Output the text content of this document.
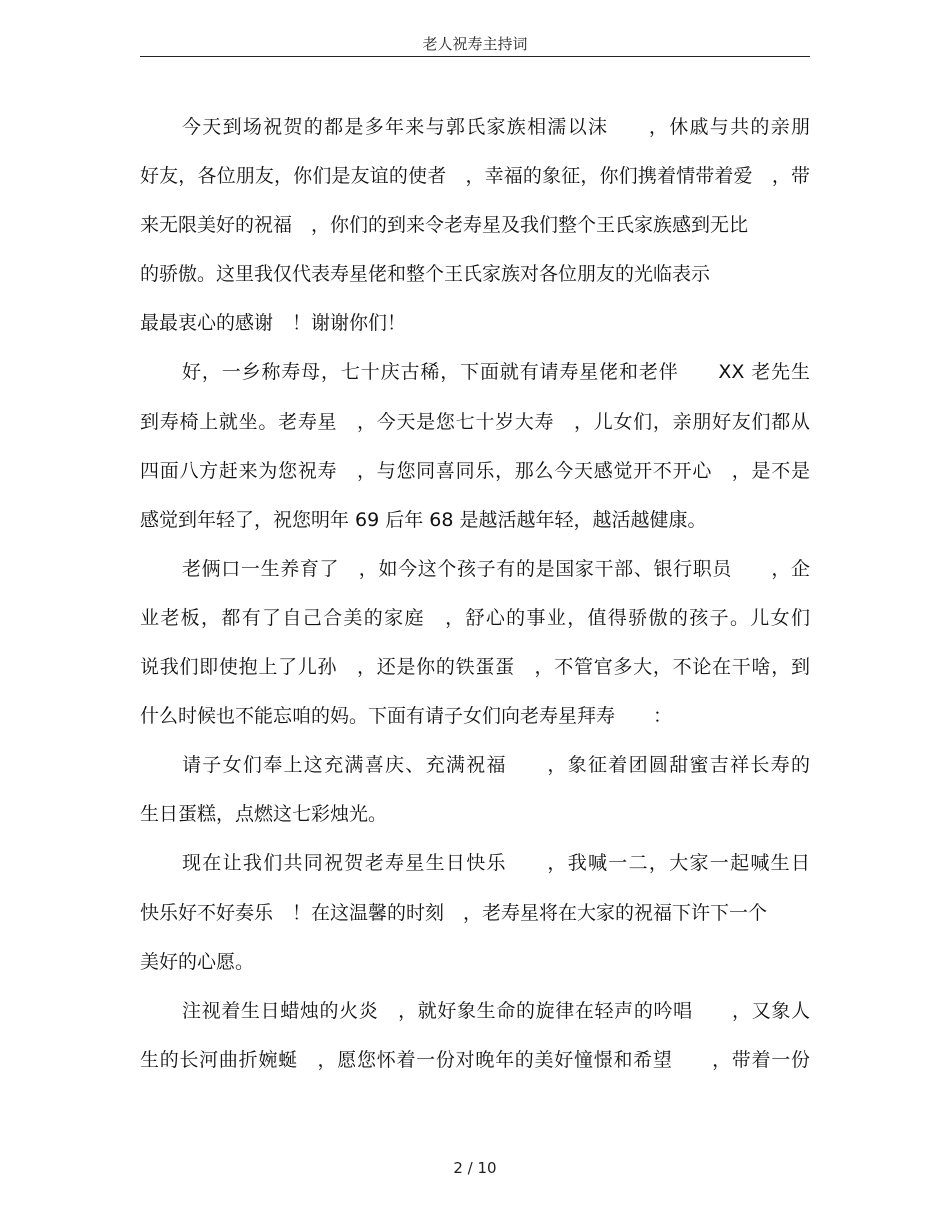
老人祝寿主持词
今天到场祝贺的都是多年来与郭氏家族相濡以沫　　，休戚与共的亲朋
好友，各位朋友，你们是友谊的使者　，幸福的象征，你们携着情带着爱　，带
来无限美好的祝福　，你们的到来令老寿星及我们整个王氏家族感到无比
的骄傲。这里我仅代表寿星佬和整个王氏家族对各位朋友的光临表示
最最衷心的感谢　！谢谢你们！
好，一乡称寿母，七十庆古稀，下面就有请寿星佬和老伴　　XX 老先生
到寿椅上就坐。老寿星　，今天是您七十岁大寿　，儿女们，亲朋好友们都从
四面八方赶来为您祝寿　，与您同喜同乐，那么今天感觉开不开心　，是不是
感觉到年轻了，祝您明年 69 后年 68 是越活越年轻，越活越健康。
老俩口一生养育了　，如今这个孩子有的是国家干部、银行职员　　，企
业老板，都有了自己合美的家庭　，舒心的事业，值得骄傲的孩子。儿女们
说我们即使抱上了儿孙　，还是你的铁蛋蛋　，不管官多大，不论在干啥，到
什么时候也不能忘咱的妈。下面有请子女们向老寿星拜寿　　：
请子女们奉上这充满喜庆、充满祝福　　，象征着团圆甜蜜吉祥长寿的
生日蛋糕，点燃这七彩烛光。
现在让我们共同祝贺老寿星生日快乐　　，我喊一二，大家一起喊生日
快乐好不好奏乐　！在这温馨的时刻　，老寿星将在大家的祝福下许下一个
美好的心愿。
注视着生日蜡烛的火炎　，就好象生命的旋律在轻声的吟唱　　，又象人
生的长河曲折婉蜒　，愿您怀着一份对晚年的美好憧憬和希望　　，带着一份
2 / 10
